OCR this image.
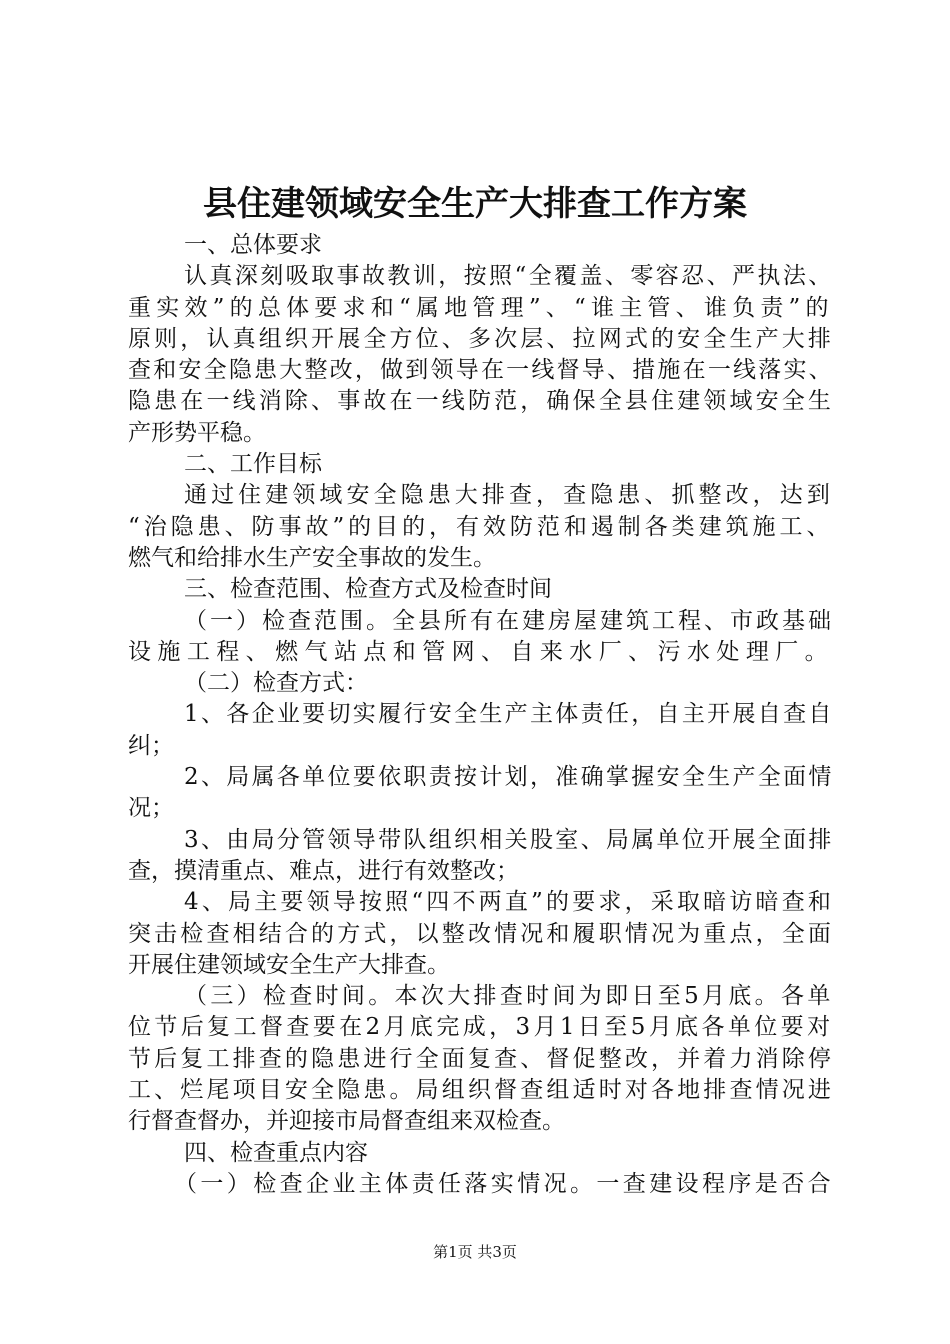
县住建领域安全生产大排查工作方案
一、总体要求
认真深刻吸取事故教训，按照“全覆盖、零容忍、严执法、
重实效”的总体要求和“属地管理”、“谁主管、谁负责”的
原则，认真组织开展全方位、多次层、拉网式的安全生产大排
查和安全隐患大整改，做到领导在一线督导、措施在一线落实、
隐患在一线消除、事故在一线防范，确保全县住建领域安全生
产形势平稳。
二、工作目标
通过住建领域安全隐患大排查，查隐患、抓整改，达到
“治隐患、防事故”的目的，有效防范和遏制各类建筑施工、
燃气和给排水生产安全事故的发生。
三、检查范围、检查方式及检查时间
（一）检查范围。全县所有在建房屋建筑工程、市政基础
设施工程、燃气站点和管网、自来水厂、污水处理厂。
（二）检查方式：
1、各企业要切实履行安全生产主体责任，自主开展自查自
纠；
2、局属各单位要依职责按计划，准确掌握安全生产全面情
况；
3、由局分管领导带队组织相关股室、局属单位开展全面排
查，摸清重点、难点，进行有效整改；
4、局主要领导按照“四不两直”的要求，采取暗访暗查和
突击检查相结合的方式，以整改情况和履职情况为重点，全面
开展住建领域安全生产大排查。
（三）检查时间。本次大排查时间为即日至5月底。各单
位节后复工督查要在2月底完成，3月1日至5月底各单位要对
节后复工排查的隐患进行全面复查、督促整改，并着力消除停
工、烂尾项目安全隐患。局组织督查组适时对各地排查情况进
行督查督办，并迎接市局督查组来双检查。
四、检查重点内容
（一）检查企业主体责任落实情况。一查建设程序是否合
第1页 共3页
